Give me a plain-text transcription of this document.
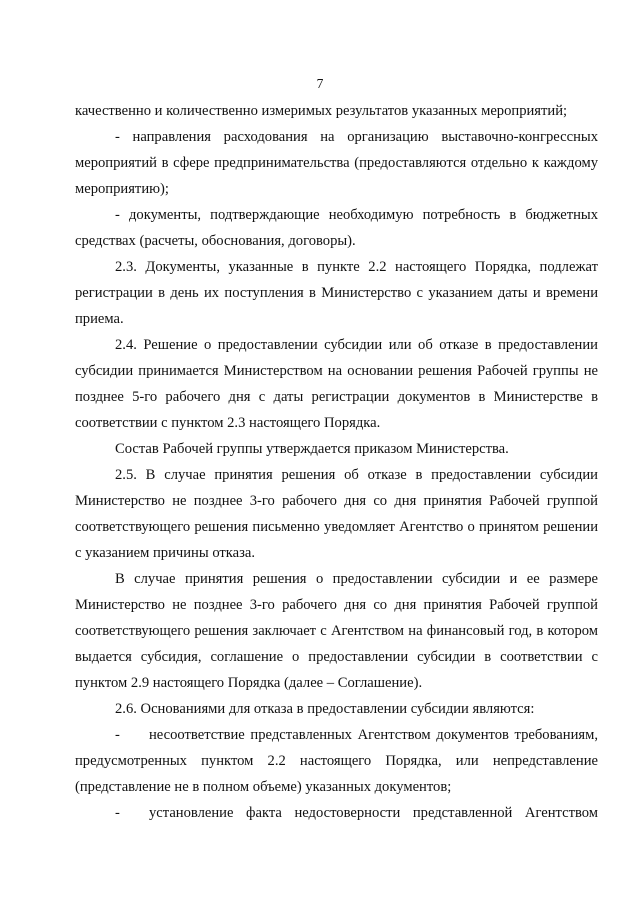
7

качественно и количественно измеримых результатов указанных мероприятий;

- направления расходования на организацию выставочно-конгрессных мероприятий в сфере предпринимательства (предоставляются отдельно к каждому мероприятию);

- документы, подтверждающие необходимую потребность в бюджетных средствах (расчеты, обоснования, договоры).

2.3. Документы, указанные в пункте 2.2 настоящего Порядка, подлежат регистрации в день их поступления в Министерство с указанием даты и времени приема.

2.4. Решение о предоставлении субсидии или об отказе в предоставлении субсидии принимается Министерством на основании решения Рабочей группы не позднее 5-го рабочего дня с даты регистрации документов в Министерстве в соответствии с пунктом 2.3 настоящего Порядка.

Состав Рабочей группы утверждается приказом Министерства.

2.5. В случае принятия решения об отказе в предоставлении субсидии Министерство не позднее 3-го рабочего дня со дня принятия Рабочей группой соответствующего решения письменно уведомляет Агентство о принятом решении с указанием причины отказа.

В случае принятия решения о предоставлении субсидии и ее размере Министерство не позднее 3-го рабочего дня со дня принятия Рабочей группой соответствующего решения заключает с Агентством на финансовый год, в котором выдается субсидия, соглашение о предоставлении субсидии в соответствии с пунктом 2.9 настоящего Порядка (далее – Соглашение).

2.6. Основаниями для отказа в предоставлении субсидии являются:

- несоответствие представленных Агентством документов требованиям, предусмотренных пунктом 2.2 настоящего Порядка, или непредставление (представление не в полном объеме) указанных документов;

- установление факта недостоверности представленной Агентством
